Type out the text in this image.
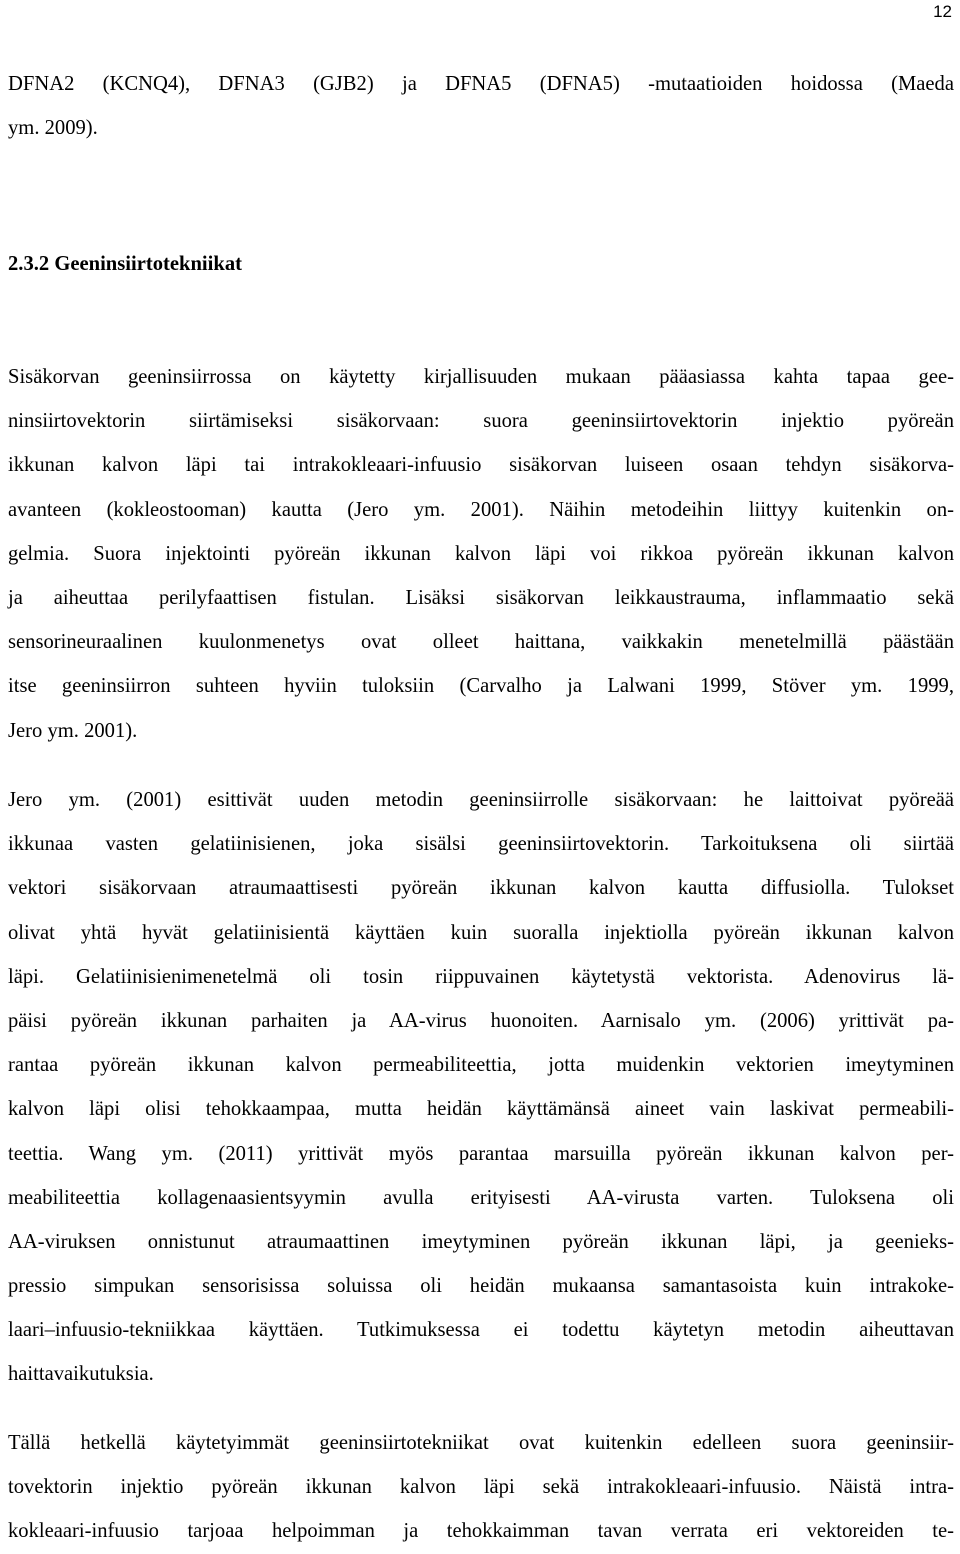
12
DFNA2 (KCNQ4), DFNA3 (GJB2) ja DFNA5 (DFNA5) -mutaatioiden hoidossa (Maeda
ym. 2009).
2.3.2 Geeninsiirtotekniikat
Sisäkorvan geeninsiirrossa on käytetty kirjallisuuden mukaan pääasiassa kahta tapaa gee-
ninsiirtovektorin siirtämiseksi sisäkorvaan: suora geeninsiirtovektorin injektio pyöreän
ikkunan kalvon läpi tai intrakokleaari-infuusio sisäkorvan luiseen osaan tehdyn sisäkorva-
avanteen (kokleostooman) kautta (Jero ym. 2001). Näihin metodeihin liittyy kuitenkin on-
gelmia. Suora injektointi pyöreän ikkunan kalvon läpi voi rikkoa pyöreän ikkunan kalvon
ja aiheuttaa perilyfaattisen fistulan. Lisäksi sisäkorvan leikkaustrauma, inflammaatio sekä
sensorineuraalinen kuulonmenetys ovat olleet haittana, vaikkakin menetelmillä päästään
itse geeninsiirron suhteen hyviin tuloksiin (Carvalho ja Lalwani 1999, Stöver ym. 1999,
Jero ym. 2001).
Jero ym. (2001) esittivät uuden metodin geeninsiirrolle sisäkorvaan: he laittoivat pyöreää
ikkunaa vasten gelatiinisienen, joka sisälsi geeninsiirtovektorin. Tarkoituksena oli siirtää
vektori sisäkorvaan atraumaattisesti pyöreän ikkunan kalvon kautta diffusiolla. Tulokset
olivat yhtä hyvät gelatiinisientä käyttäen kuin suoralla injektiolla pyöreän ikkunan kalvon
läpi. Gelatiinisienimenetelmä oli tosin riippuvainen käytetystä vektorista. Adenovirus lä-
päisi pyöreän ikkunan parhaiten ja AA-virus huonoiten. Aarnisalo ym. (2006) yrittivät pa-
rantaa pyöreän ikkunan kalvon permeabiliteettia, jotta muidenkin vektorien imeytyminen
kalvon läpi olisi tehokkaampaa, mutta heidän käyttämänsä aineet vain laskivat permeabili-
teettia. Wang ym. (2011) yrittivät myös parantaa marsuilla pyöreän ikkunan kalvon per-
meabiliteettia kollagenaasientsyymin avulla erityisesti AA-virusta varten. Tuloksena oli
AA-viruksen onnistunut atraumaattinen imeytyminen pyöreän ikkunan läpi, ja geenieks-
pressio simpukan sensorisissa soluissa oli heidän mukaansa samantasoista kuin intrakoke-
laari–infuusio-tekniikkaa käyttäen. Tutkimuksessa ei todettu käytetyn metodin aiheuttavan
haittavaikutuksia.
Tällä hetkellä käytetyimmät geeninsiirtotekniikat ovat kuitenkin edelleen suora geeninsiir-
tovektorin injektio pyöreän ikkunan kalvon läpi sekä intrakokleaari-infuusio. Näistä intra-
kokleaari-infuusio tarjoaa helpoimman ja tehokkaimman tavan verrata eri vektoreiden te-
